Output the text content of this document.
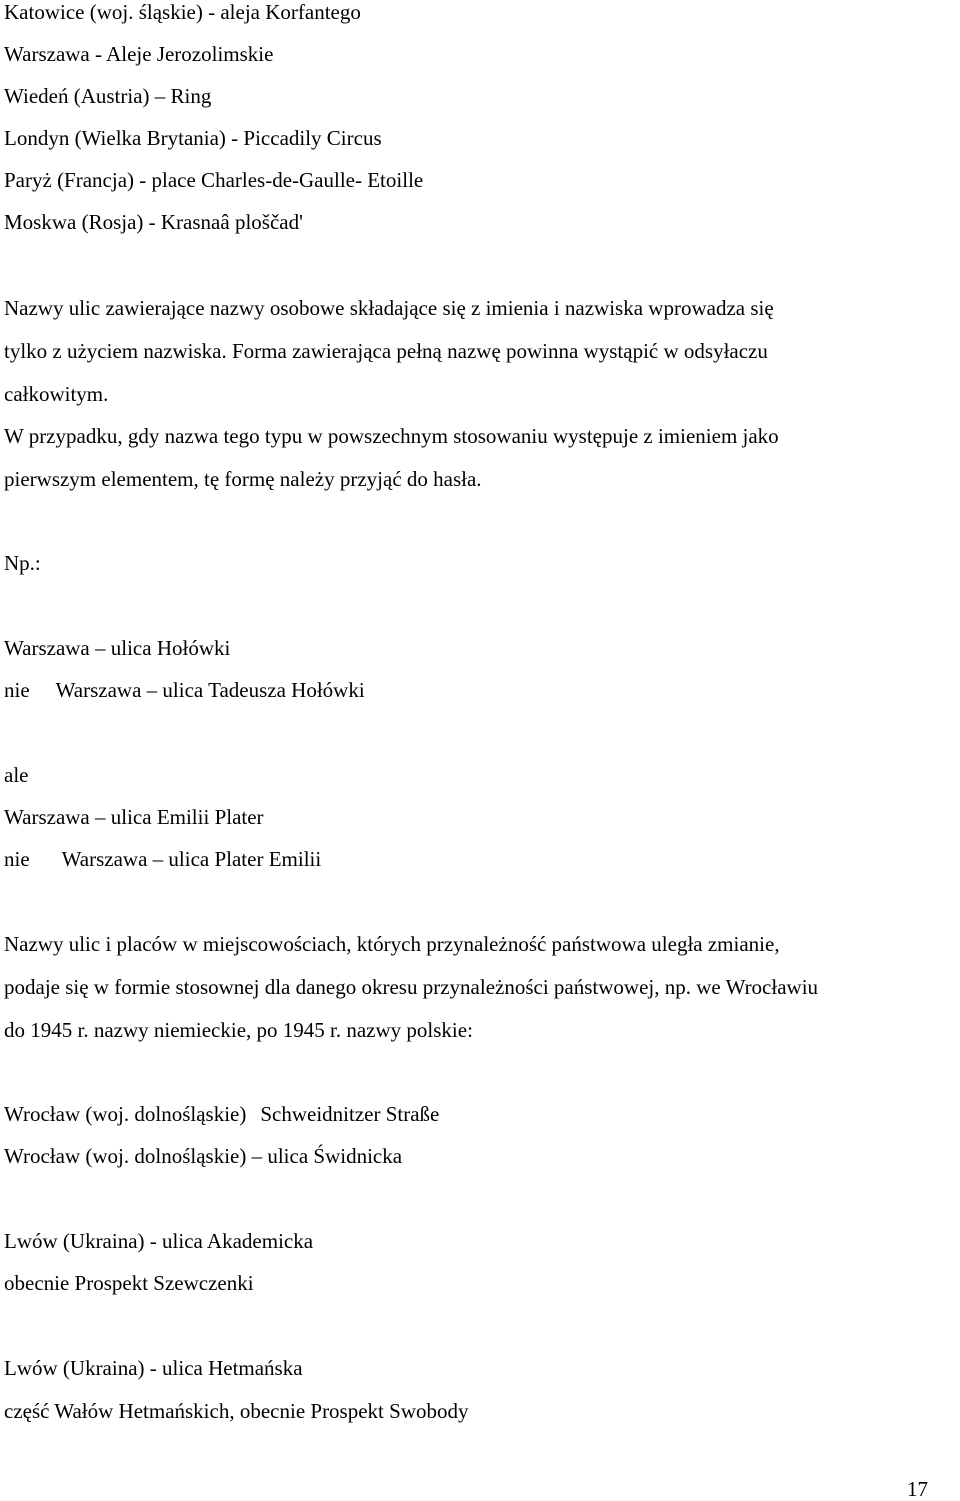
Katowice (woj. śląskie) - aleja Korfantego
Warszawa - Aleje Jerozolimskie
Wiedeń (Austria) – Ring
Londyn (Wielka Brytania) - Piccadily Circus
Paryż (Francja) - place Charles-de-Gaulle- Etoille
Moskwa (Rosja) - Krasnaâ ploščad'
Nazwy ulic zawierające nazwy osobowe składające się z imienia i nazwiska wprowadza się
tylko z użyciem nazwiska. Forma zawierająca pełną nazwę powinna wystąpić w odsyłaczu
całkowitym.
W przypadku, gdy nazwa tego typu w powszechnym stosowaniu występuje z imieniem jako
pierwszym elementem, tę formę należy przyjąć do hasła.
Np.:
Warszawa – ulica Hołówki
nie Warszawa – ulica Tadeusza Hołówki
ale
Warszawa – ulica Emilii Plater
nie Warszawa – ulica Plater Emilii
Nazwy ulic i placów w miejscowościach, których przynależność państwowa uległa zmianie,
podaje się w formie stosownej dla danego okresu przynależności państwowej, np. we Wrocławiu
do 1945 r. nazwy niemieckie, po 1945 r. nazwy polskie:
Wrocław (woj. dolnośląskie) Schweidnitzer Straße
Wrocław (woj. dolnośląskie) – ulica Świdnicka
Lwów (Ukraina) - ulica Akademicka
obecnie Prospekt Szewczenki
Lwów (Ukraina) - ulica Hetmańska
część Wałów Hetmańskich, obecnie Prospekt Swobody
17
